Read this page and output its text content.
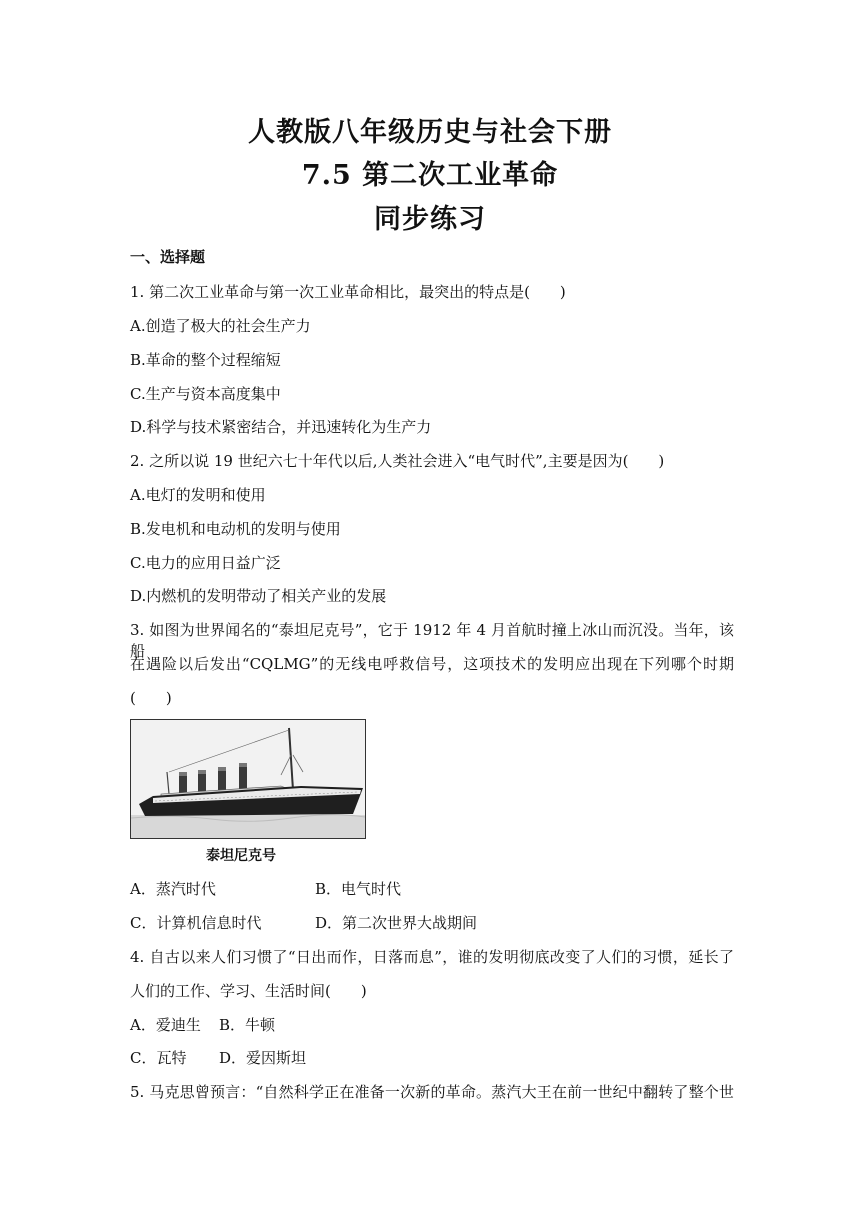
人教版八年级历史与社会下册
7.5 第二次工业革命
同步练习
一、选择题
1. 第二次工业革命与第一次工业革命相比，最突出的特点是(　　)
A.创造了极大的社会生产力
B.革命的整个过程缩短
C.生产与资本高度集中
D.科学与技术紧密结合，并迅速转化为生产力
2. 之所以说 19 世纪六七十年代以后,人类社会进入“电气时代”,主要是因为(　　)
A.电灯的发明和使用
B.发电机和电动机的发明与使用
C.电力的应用日益广泛
D.内燃机的发明带动了相关产业的发展
3. 如图为世界闻名的“泰坦尼克号”，它于 1912 年 4 月首航时撞上冰山而沉没。当年，该船
在遇险以后发出“CQLMG”的无线电呼救信号，这项技术的发明应出现在下列哪个时期
(　　)
泰坦尼克号
A．蒸汽时代	B．电气时代
C．计算机信息时代	D．第二次世界大战期间
4. 自古以来人们习惯了“日出而作，日落而息”，谁的发明彻底改变了人们的习惯，延长了
人们的工作、学习、生活时间(　　)
A．爱迪生 B．牛顿
C．瓦特 D．爱因斯坦
5. 马克思曾预言：“自然科学正在准备一次新的革命。蒸汽大王在前一世纪中翻转了整个世
